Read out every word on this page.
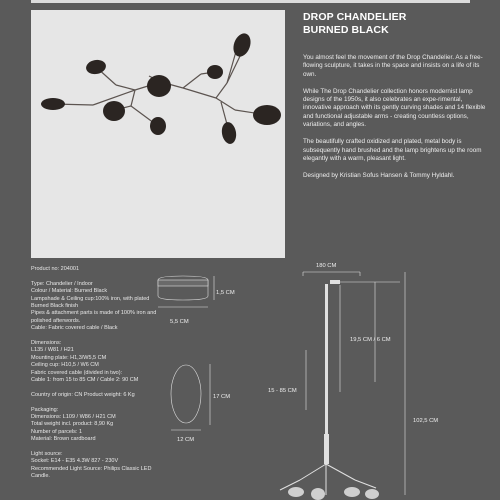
DROP CHANDELIER
BURNED BLACK

You almost feel the movement of the Drop Chandelier. As a free-flowing sculpture, it takes in the space and insists on a life of its own.

While The Drop Chandelier collection honors modernist lamp designs of the 1950s, it also celebrates an expe-rimental, innovative approach with its gently curving shades and 14 flexible and functional adjustable arms - creating countless options, variations, and angles.

The beautifully crafted oxidized and plated, metal body is subsequently hand brushed and the lamp brightens up the room elegantly with a warm, pleasant light.

Designed by Kristian Sofus Hansen & Tommy Hyldahl.

Product no: 204001
Type: Chandelier / Indoor
Colour / Material: Burned Black
Lampshade & Ceiling cup:100% iron, with plated
Burned Black finish
Pipes & attachment parts is made of 100% iron and
polished afterwords.
Cable: Fabric covered cable / Black
Dimensions:
L135 / W81 / H21
Mounting plate: H1,3/W5,5 CM
Ceiling cup: H10,5 / W6 CM
Fabric covered cable (divided in two):
Cable 1: from 15 to 85 CM / Cable 2: 90 CM
Country of origin: CN Product weight: 6 Kg
Packaging:
Dimensions: L109 / W86 / H21 CM
Total weight incl. product: 8,90 Kg
Number of parcels: 1
Material: Brown cardboard
Light source:
Socket: E14 - E35 4.3W 827 - 230V
Recommended Light Source: Philips Classic LED
Candle.
1,5 CM
5,5 CM
17 CM
12 CM
180 CM
19,5 CM / 6 CM
15 - 85 CM
102,5 CM
